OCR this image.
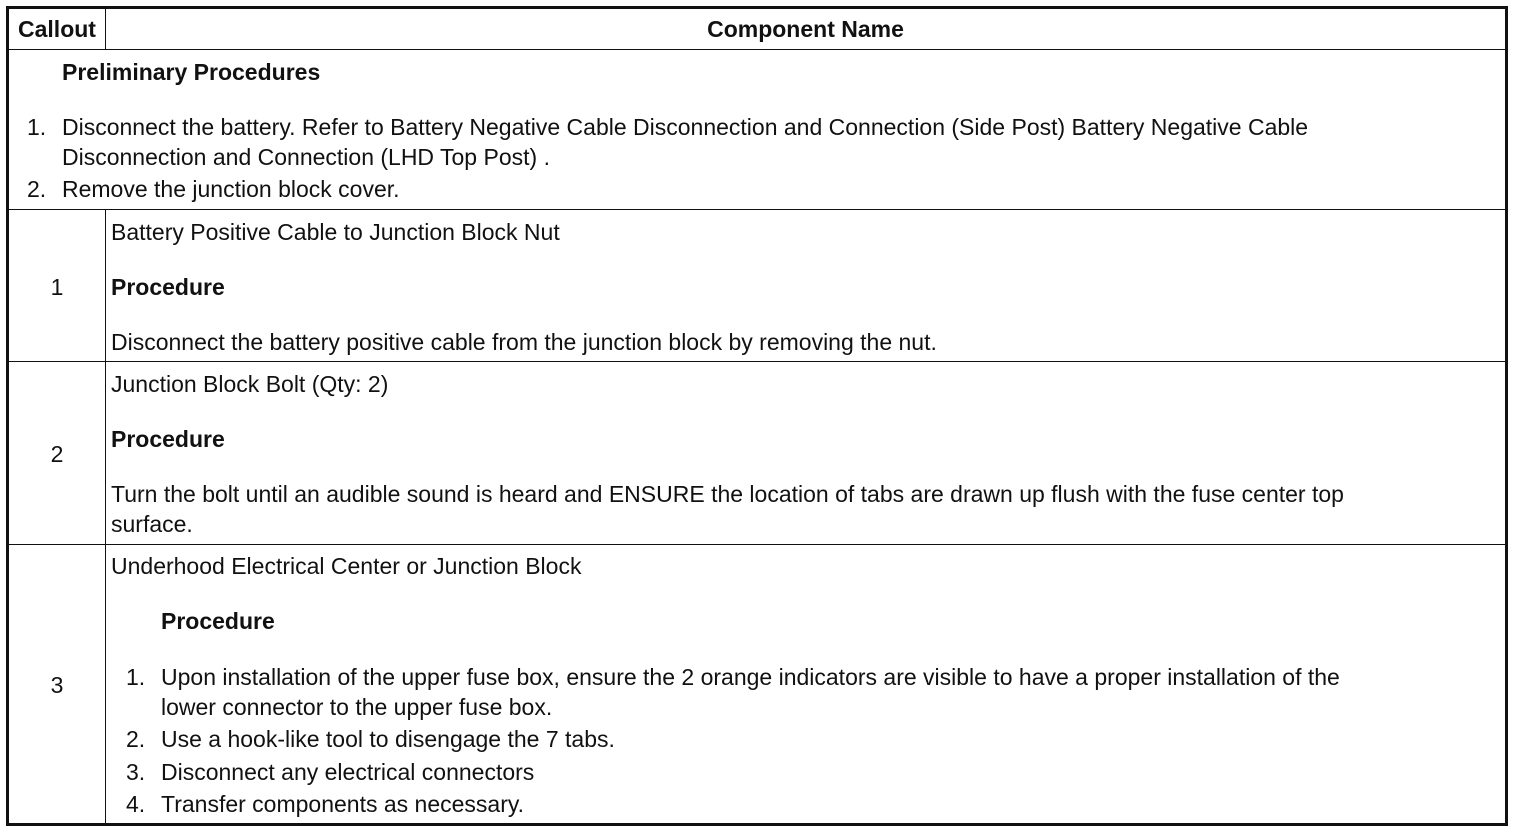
Callout	Component Name
Preliminary Procedures
1. Disconnect the battery. Refer to Battery Negative Cable Disconnection and Connection (Side Post) Battery Negative Cable
Disconnection and Connection (LHD Top Post) .
2. Remove the junction block cover.
1
Battery Positive Cable to Junction Block Nut
Procedure
Disconnect the battery positive cable from the junction block by removing the nut.
2
Junction Block Bolt (Qty: 2)
Procedure
Turn the bolt until an audible sound is heard and ENSURE the location of tabs are drawn up flush with the fuse center top
surface.
3
Underhood Electrical Center or Junction Block
Procedure
1. Upon installation of the upper fuse box, ensure the 2 orange indicators are visible to have a proper installation of the
lower connector to the upper fuse box.
2. Use a hook-like tool to disengage the 7 tabs.
3. Disconnect any electrical connectors
4. Transfer components as necessary.
